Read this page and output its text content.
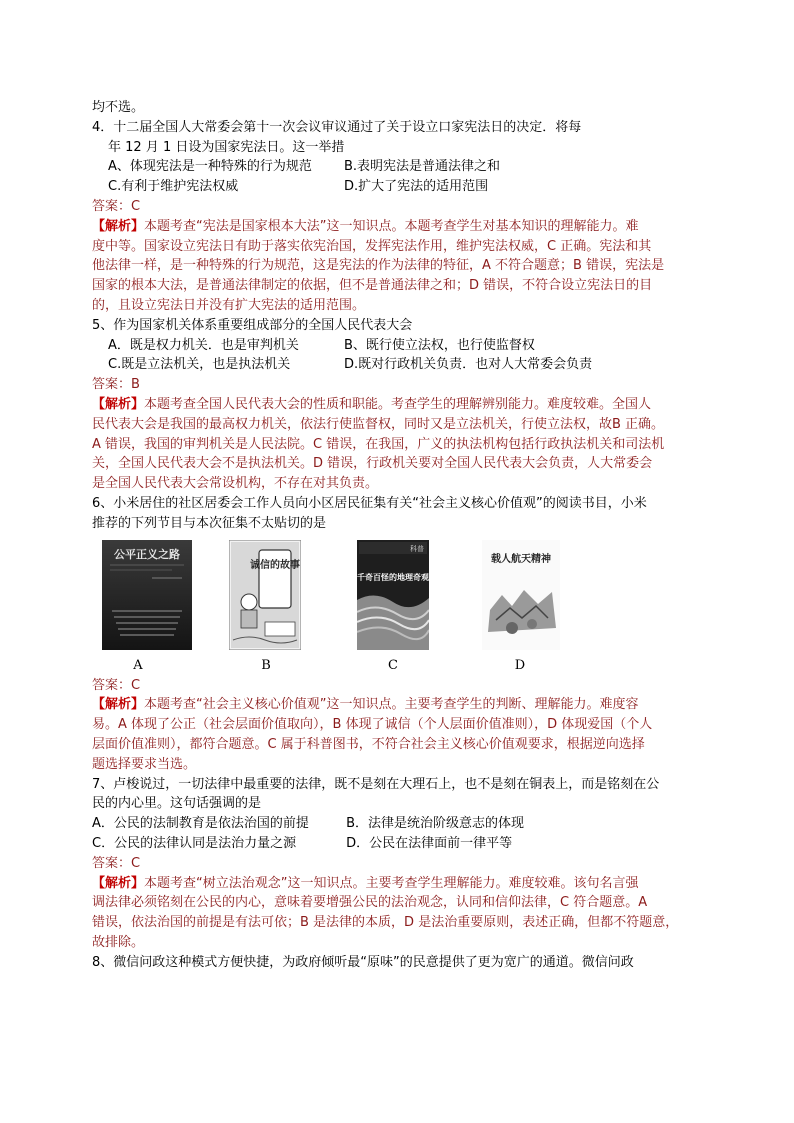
均不选。
4．十二届全国人大常委会第十一次会议审议通过了关于设立口家宪法日的决定．将每
年 12 月 1 日设为国家宪法日。这一举措
A、体现宪法是一种特殊的行为规范	B.表明宪法是普通法律之和
C.有利于维护宪法权威	D.扩大了宪法的适用范围
答案：C
【解析】本题考查“宪法是国家根本大法”这一知识点。本题考查学生对基本知识的理解能力。难
度中等。国家设立宪法日有助于落实依宪治国，发挥宪法作用，维护宪法权威，C 正确。宪法和其
他法律一样，是一种特殊的行为规范，这是宪法的作为法律的特征，A 不符合题意；B 错误，宪法是
国家的根本大法，是普通法律制定的依据，但不是普通法律之和；D 错误，不符合设立宪法日的目
的，且设立宪法日并没有扩大宪法的适用范围。
5、作为国家机关体系重要组成部分的全国人民代表大会
A．既是权力机关．也是审判机关	B、既行使立法权，也行使监督权
C.既是立法机关，也是执法机关	D.既对行政机关负责．也对人大常委会负责
答案：B
【解析】本题考查全国人民代表大会的性质和职能。考查学生的理解辨别能力。难度较难。全国人
民代表大会是我国的最高权力机关，依法行使监督权，同时又是立法机关，行使立法权，故B 正确。
A 错误，我国的审判机关是人民法院。C 错误，在我国，广义的执法机构包括行政执法机关和司法机
关，全国人民代表大会不是执法机关。D 错误，行政机关要对全国人民代表大会负责，人大常委会
是全国人民代表大会常设机构，不存在对其负责。
6、小米居住的社区居委会工作人员向小区居民征集有关“社会主义核心价值观”的阅读书目，小米
推荐的下列节目与本次征集不太贴切的是
公平正义之路
A
诚信的故事
B
科普
千奇百怪的地理奇观
C
载人航天精神
D
答案：C
【解析】本题考查“社会主义核心价值观”这一知识点。主要考查学生的判断、理解能力。难度容
易。A 体现了公正（社会层面价值取向），B 体现了诚信（个人层面价值准则），D 体现爱国（个人
层面价值准则），都符合题意。C 属于科普图书，不符合社会主义核心价值观要求，根据逆向选择
题选择要求当选。
7、卢梭说过，一切法律中最重要的法律，既不是刻在大理石上，也不是刻在铜表上，而是铭刻在公
民的内心里。这句话强调的是
A．公民的法制教育是依法治国的前提	B．法律是统治阶级意志的体现
C．公民的法律认同是法治力量之源	D．公民在法律面前一律平等
答案：C
【解析】本题考查“树立法治观念”这一知识点。主要考查学生理解能力。难度较难。该句名言强
调法律必须铭刻在公民的内心，意味着要增强公民的法治观念，认同和信仰法律，C 符合题意。A
错误，依法治国的前提是有法可依；B 是法律的本质，D 是法治重要原则，表述正确，但都不符题意，
故排除。
8、微信问政这种模式方便快捷，为政府倾听最“原味”的民意提供了更为宽广的通道。微信问政
